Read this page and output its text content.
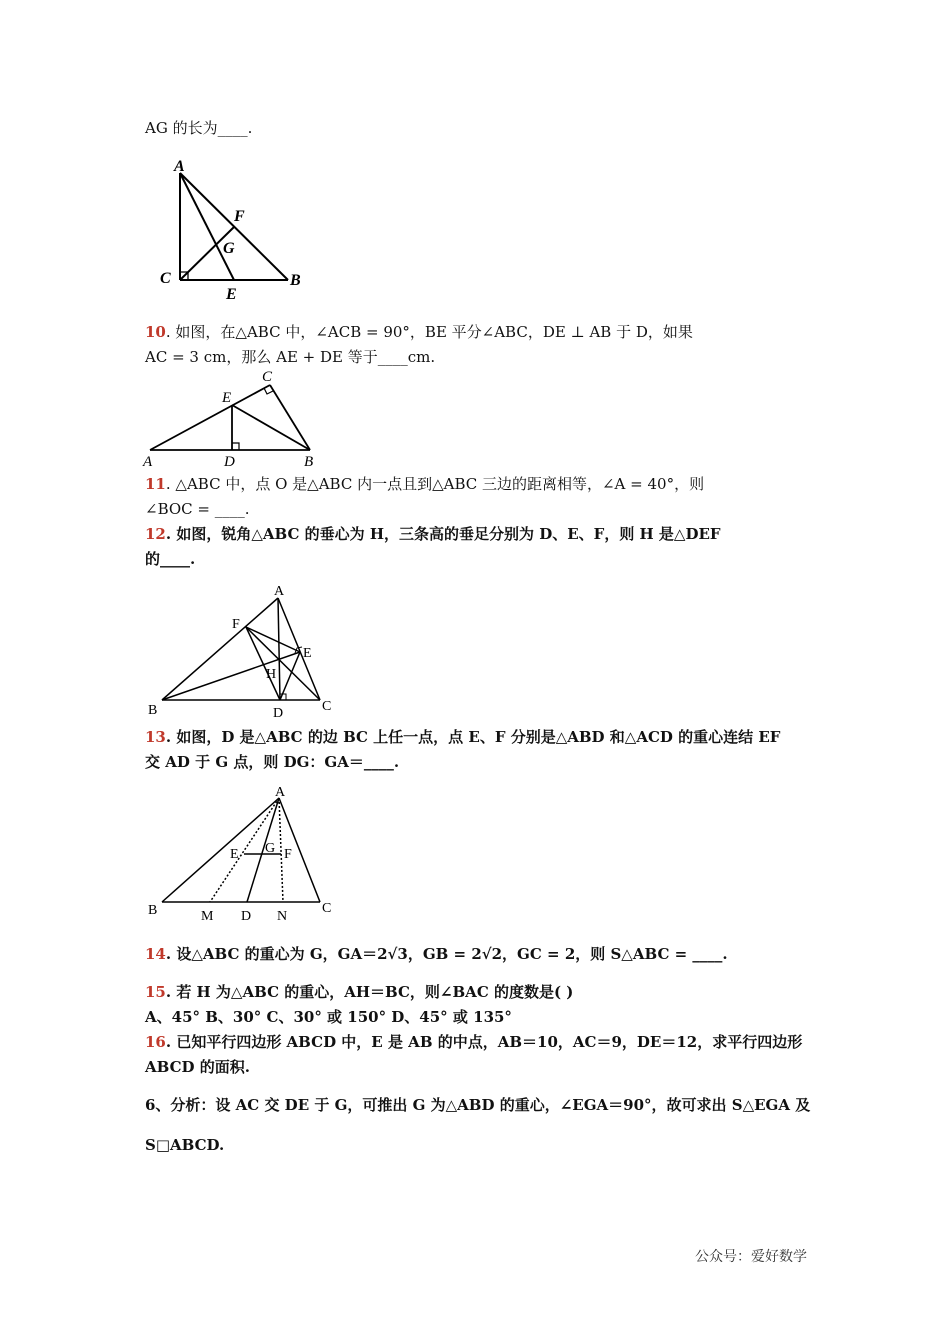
AG 的长为____.
A
F
G
C
E
B
10. 如图，在△ABC 中，∠ACB = 90°，BE 平分∠ABC，DE ⊥ AB 于 D，如果
AC = 3 cm，那么 AE + DE 等于____cm.
C
E
A	D	B
11. △ABC 中，点 O 是△ABC 内一点且到△ABC 三边的距离相等，∠A = 40°，则
∠BOC = ____.
12. 如图，锐角△ABC 的垂心为 H，三条高的垂足分别为 D、E、F，则 H 是△DEF
的____.
A
F
E
H
B	D	C
13. 如图，D 是△ABC 的边 BC 上任一点，点 E、F 分别是△ABD 和△ACD 的重心连结 EF
交 AD 于 G 点，则 DG：GA＝____.
A
E G F
B	M D N
C
14. 设△ABC 的重心为 G，GA＝2√3，GB = 2√2，GC = 2，则 S△ABC = ____.
15. 若 H 为△ABC 的重心，AH＝BC，则∠BAC 的度数是( )
A、45° B、30° C、30° 或 150° D、45° 或 135°
16. 已知平行四边形 ABCD 中，E 是 AB 的中点，AB＝10，AC＝9，DE＝12，求平行四边形
ABCD 的面积.
6、分析：设 AC 交 DE 于 G，可推出 G 为△ABD 的重心，∠EGA＝90°，故可求出 S△EGA 及
S□ABCD.
公众号：爱好数学
